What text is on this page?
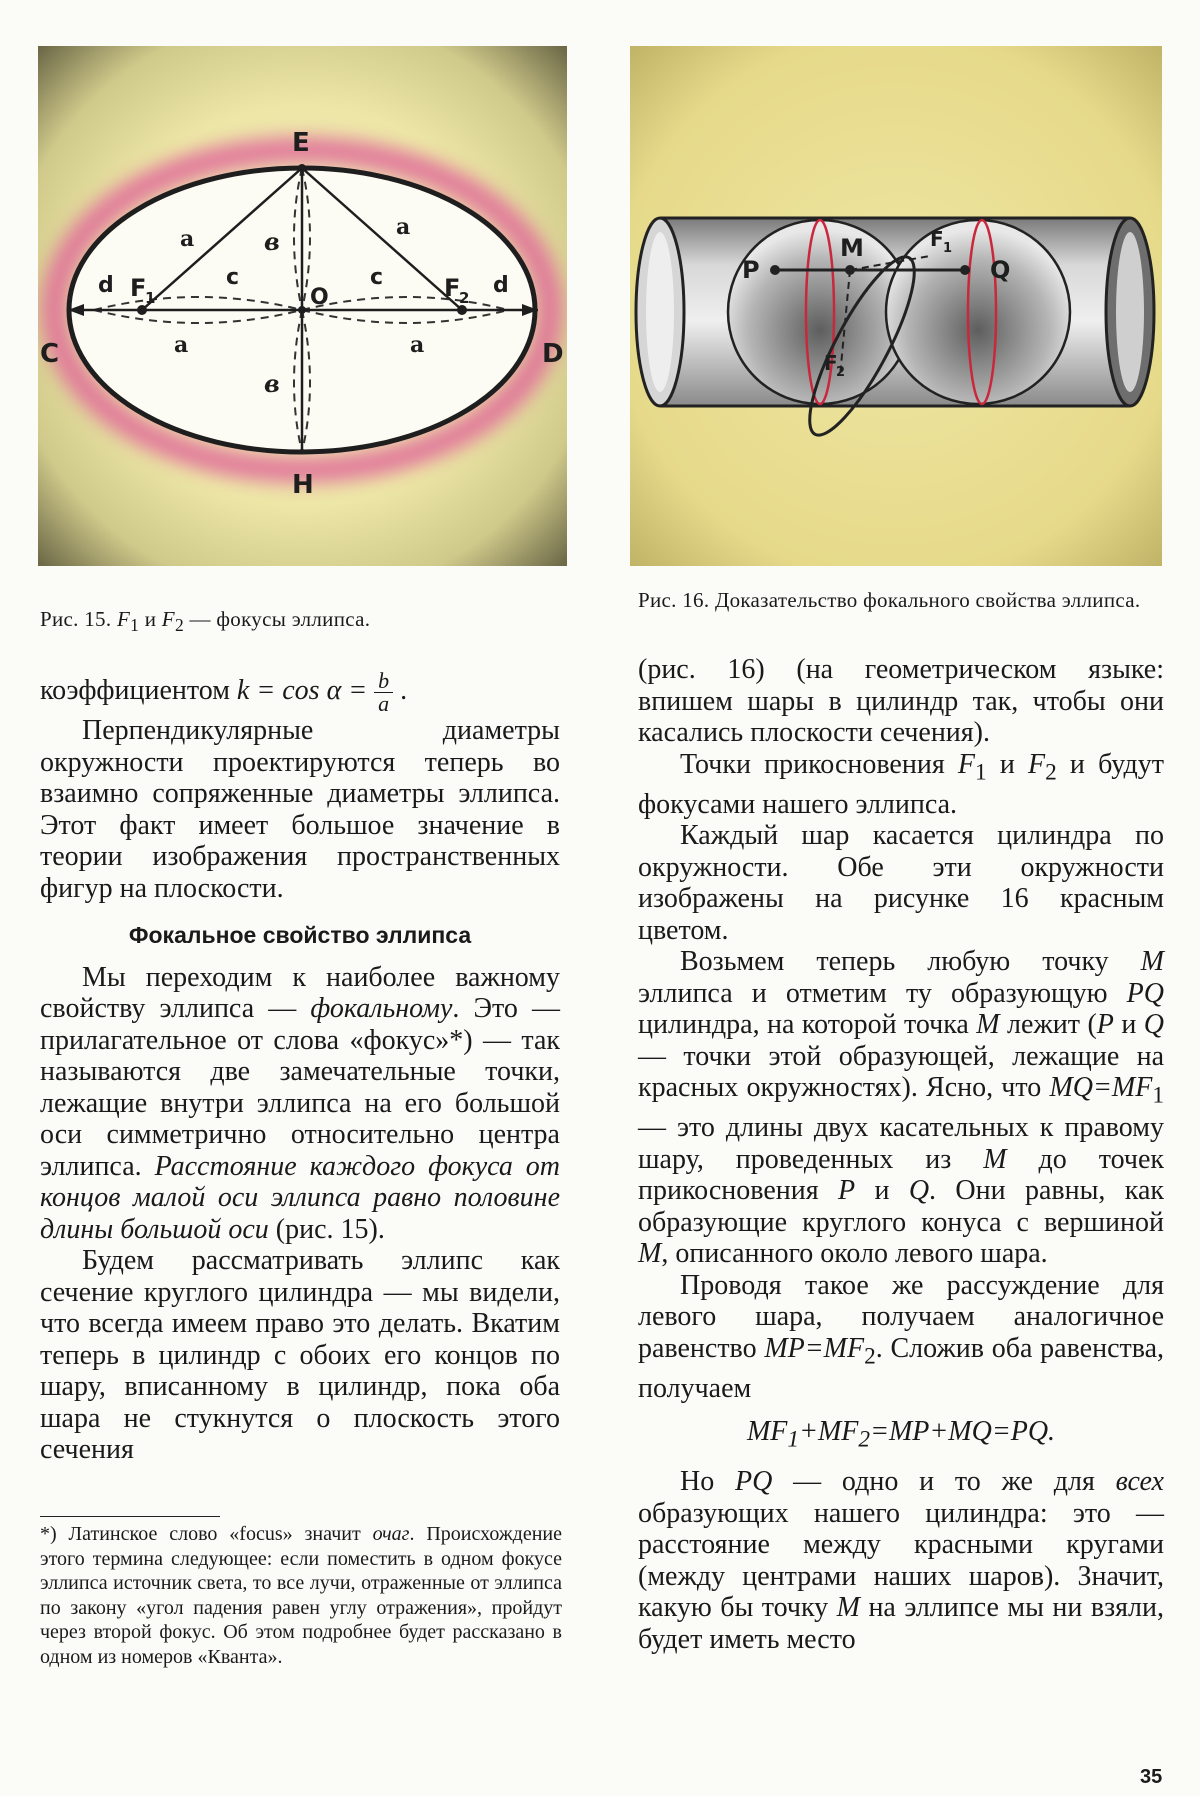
E
H
C	D
O
F
1	F
2
d	d
c	c
a	a
a	a
в
в
Рис. 15. $F_1$ и $F_2$ — фокусы эллипса.
P
M
Q
F 1
F
2
Рис. 16. Доказательство фокального свойства эллипса.

коэффициентом $k = \cos \alpha = \frac{b}{a}$ .

Перпендикулярные диаметры окружности проектируются теперь во взаимно сопряженные диаметры эллипса. Этот факт имеет большое значение в теории изображения пространственных фигур на плоскости.

Фокальное свойство эллипса

Мы переходим к наиболее важному свойству эллипса — фокальному. Это — прилагательное от слова «фокус»*) — так называются две замечательные точки, лежащие внутри эллипса на его большой оси симметрично относительно центра эллипса. Расстояние каждого фокуса от концов малой оси эллипса равно половине длины большой оси (рис. 15).

Будем рассматривать эллипс как сечение круглого цилиндра — мы видели, что всегда имеем право это делать. Вкатим теперь в цилиндр с обоих его концов по шару, вписанному в цилиндр, пока оба шара не стукнутся о плоскость этого сечения

*) Латинское слово «focus» значит очаг. Происхождение этого термина следующее: если поместить в одном фокусе эллипса источник света, то все лучи, отраженные от эллипса по закону «угол падения равен углу отражения», пройдут через второй фокус. Об этом подробнее будет рассказано в одном из номеров «Кванта».

(рис. 16) (на геометрическом языке: впишем шары в цилиндр так, чтобы они касались плоскости сечения).

Точки прикосновения $F_1$ и $F_2$ и будут фокусами нашего эллипса.

Каждый шар касается цилиндра по окружности. Обе эти окружности изображены на рисунке 16 красным цветом.

Возьмем теперь любую точку M эллипса и отметим ту образующую PQ цилиндра, на которой точка M лежит (P и Q — точки этой образующей, лежащие на красных окружностях). Ясно, что $MQ=MF_1$ — это длины двух касательных к правому шару, проведенных из M до точек прикосновения P и Q. Они равны, как образующие круглого конуса с вершиной M, описанного около левого шара.

Проводя такое же рассуждение для левого шара, получаем аналогичное равенство $MP=MF_2$. Сложив оба равенства, получаем

$MF_1+MF_2=MP+MQ=PQ$.

Но PQ — одно и то же для всех образующих нашего цилиндра: это — расстояние между красными кругами (между центрами наших шаров). Значит, какую бы точку M на эллипсе мы ни взяли, будет иметь место

35
